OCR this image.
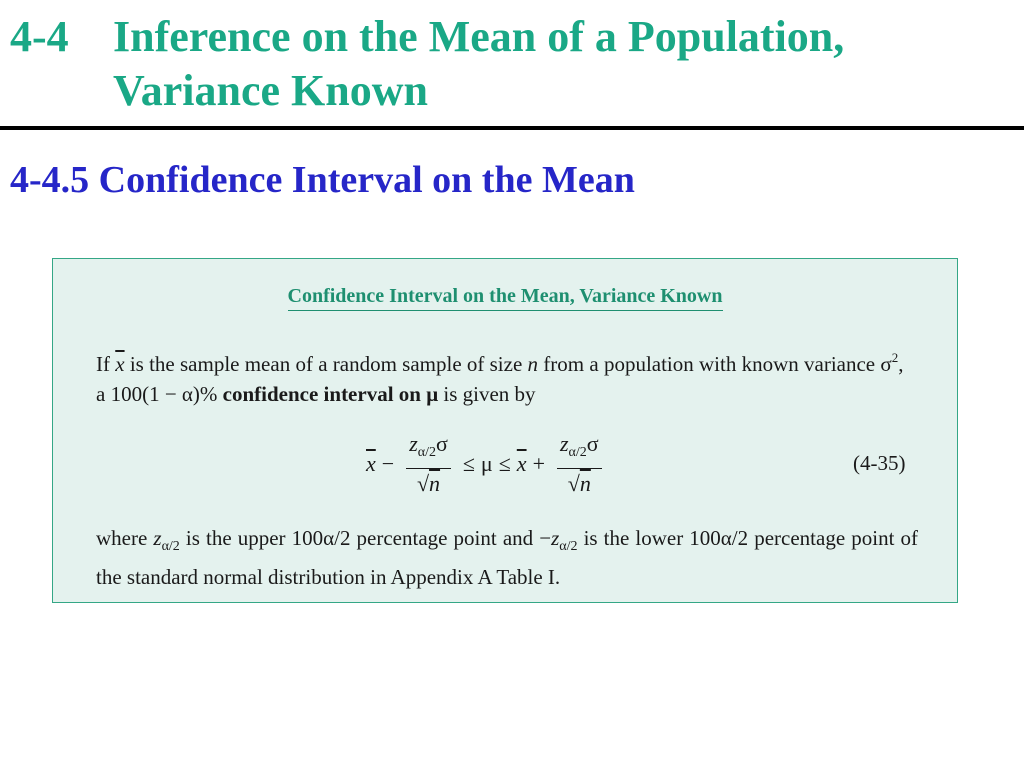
4-4 Inference on the Mean of a Population,
Variance Known
4-4.5 Confidence Interval on the Mean
Confidence Interval on the Mean, Variance Known
If $\overline{x}$ is the sample mean of a random sample of size n from a population with known variance $\sigma^2$, a 100(1 − α)% confidence interval on μ is given by
$\overline{x} - \frac{z_{\alpha/2}\sigma}{√n} \le \mu \le \overline{x} + \frac{z_{\alpha/2}\sigma}{√n}$	(4-35)
where $z_{\alpha/2}$ is the upper 100α/2 percentage point and $-z_{\alpha/2}$ is the lower 100α/2 percentage point of the standard normal distribution in Appendix A Table I.
